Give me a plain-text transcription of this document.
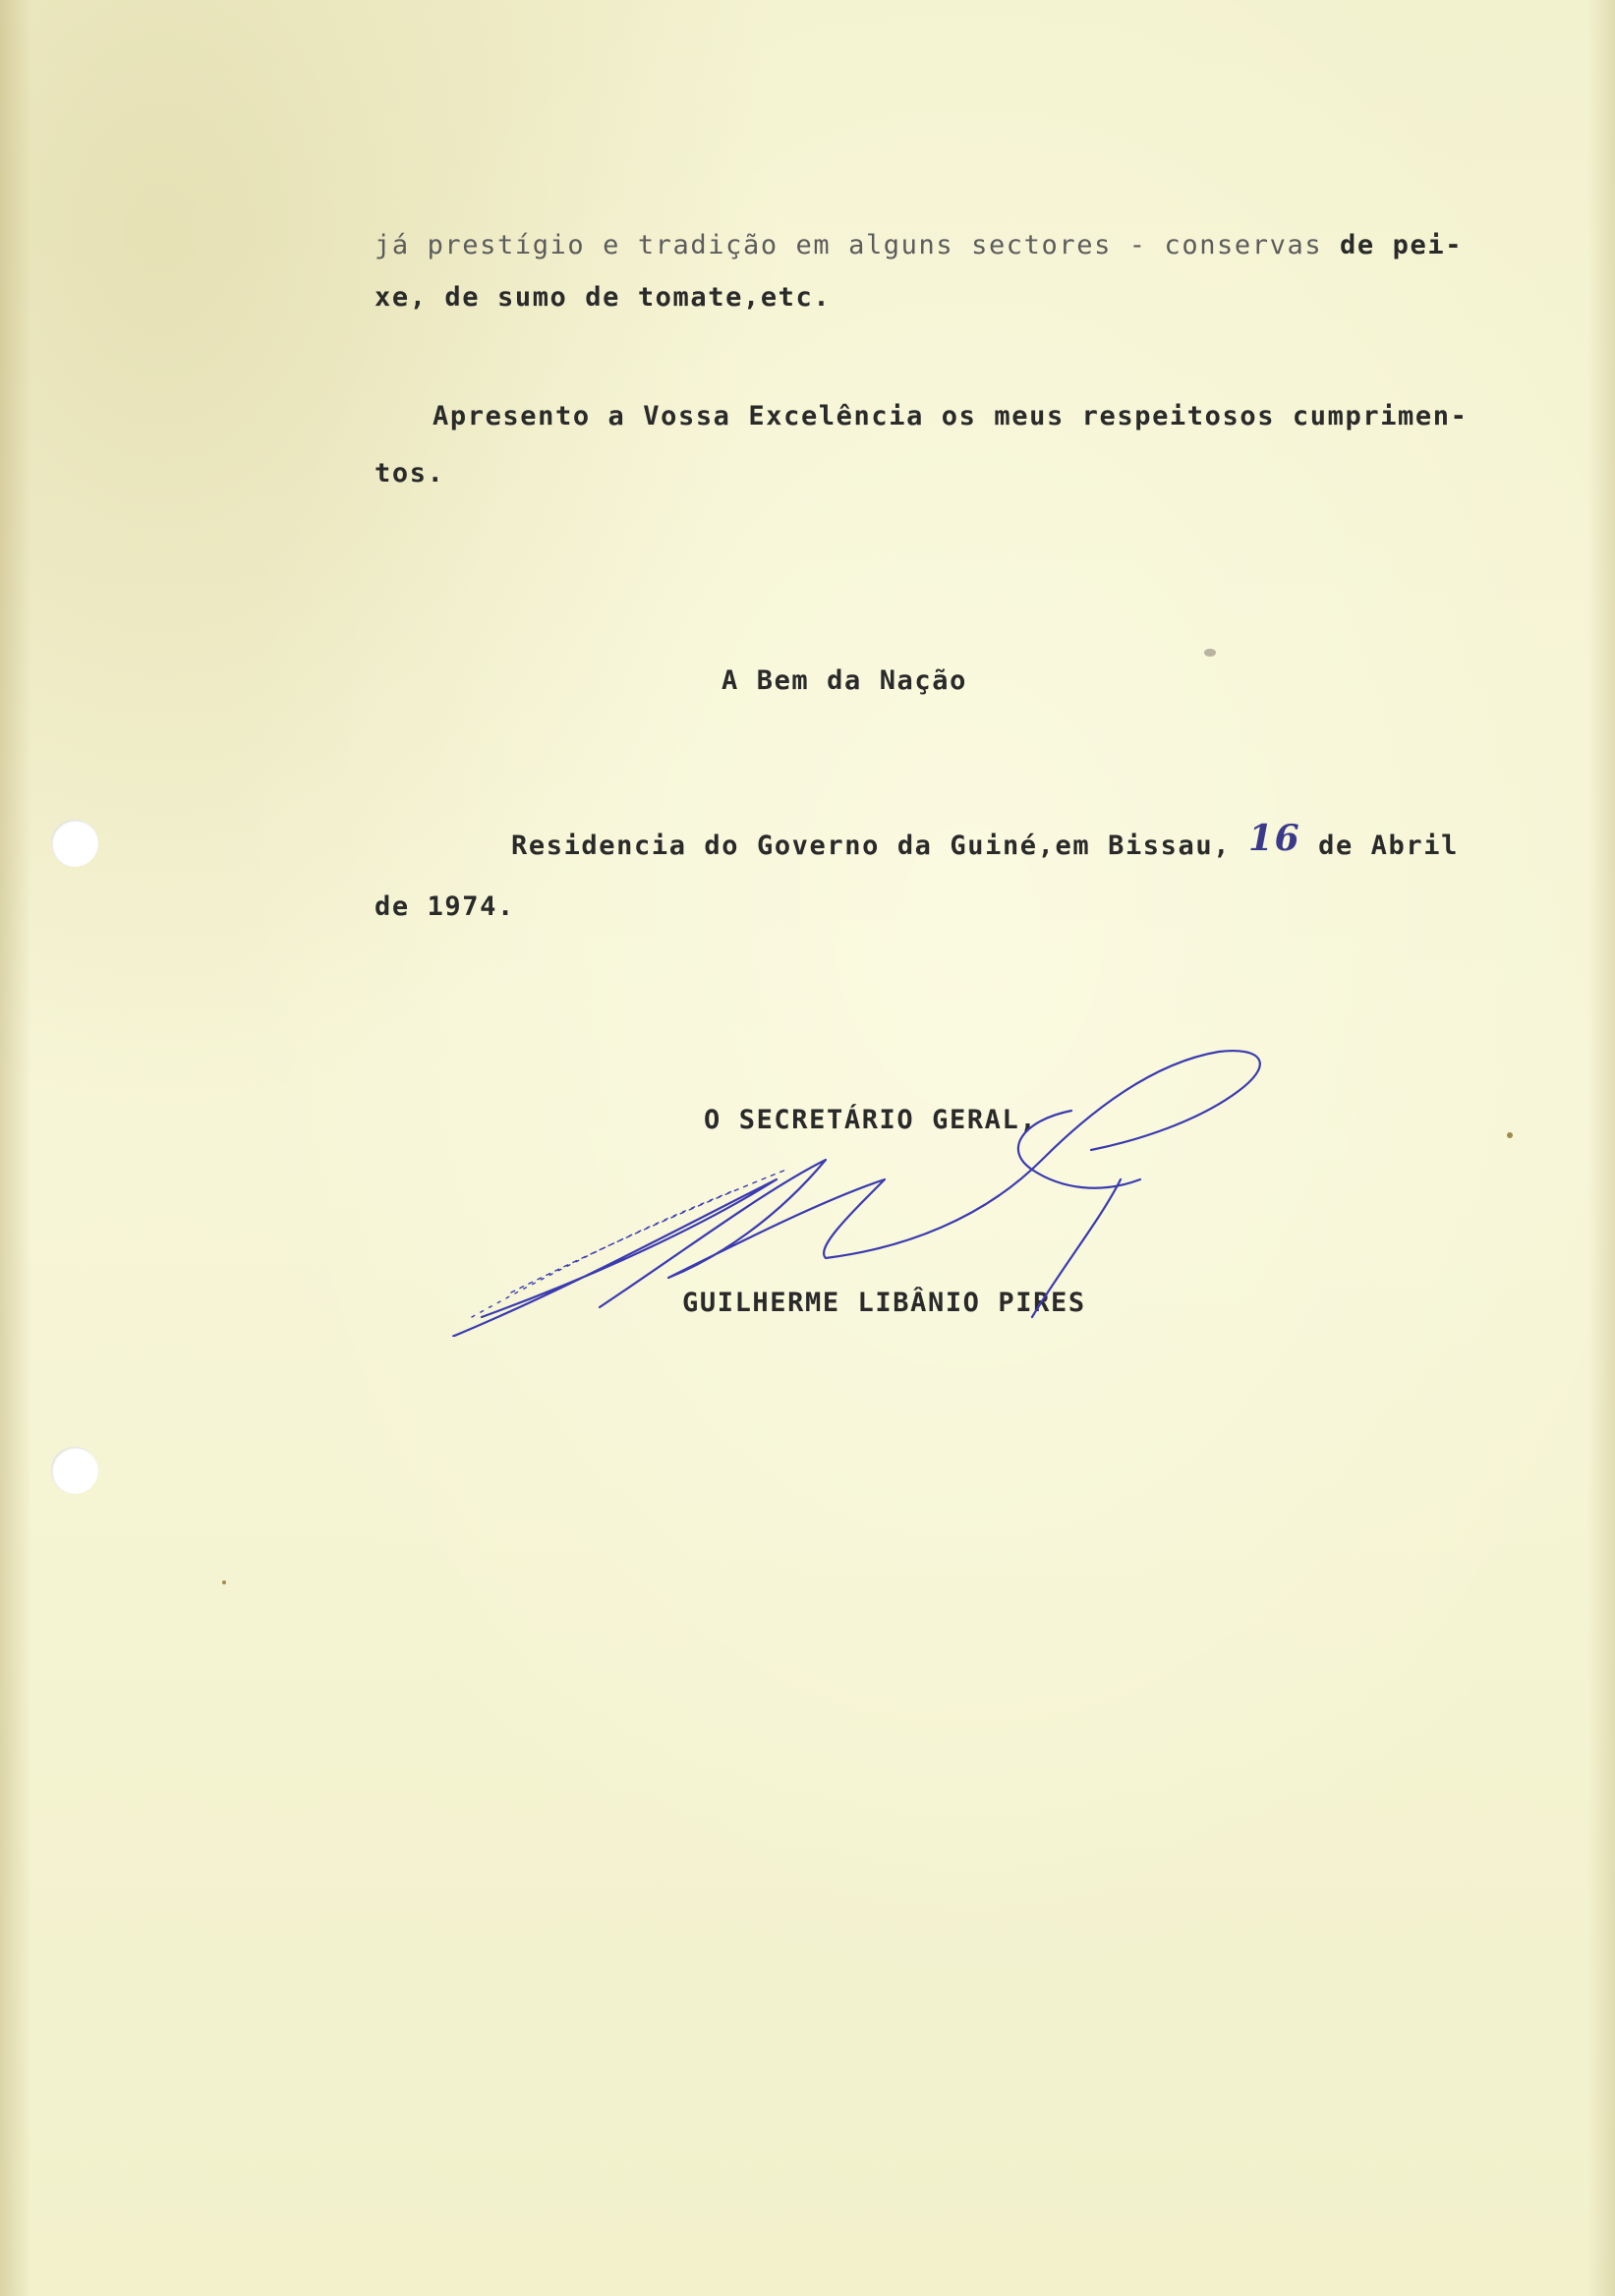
já prestígio e tradição em alguns sectores - conservas de pei-
xe, de sumo de tomate,etc.
Apresento a Vossa Excelência os meus respeitosos cumprimen-
tos.
A Bem da Nação
Residencia do Governo da Guiné,em Bissau, 16 de Abril
de 1974.
O SECRETÁRIO GERAL,
GUILHERME LIBÂNIO PIRES
